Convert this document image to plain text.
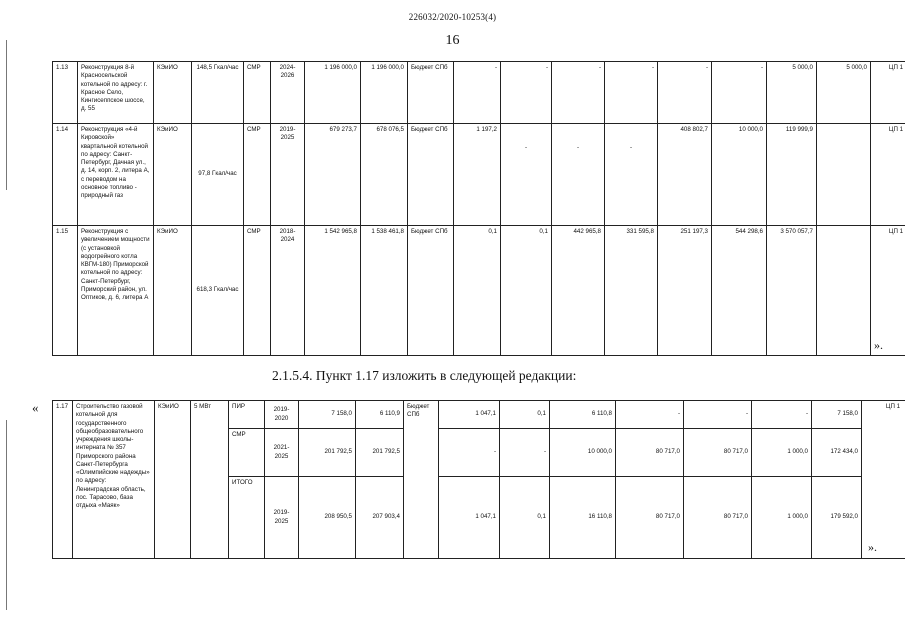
226032/2020-10253(4)
16
1.13	Реконструкция 8-й Красносельской котельной по адресу: г. Красное Село, Кингисеппское шоссе, д. 55	КЭиИО	148,5 Гкал/час	СМР	2024-2026	1 196 000,0	1 196 000,0	Бюджет СПб	-	-	-	-	-	-	5 000,0	5 000,0	ЦП 1
1.14	Реконструкция «4-й Кировской» квартальной котельной по адресу: Санкт-Петербург, Дачная ул., д. 14, корп. 2, литера А, с переводом на основное топливо - природный газ	КЭиИО	97,8 Гкал/час	СМР	2019-2025	679 273,7	678 076,5	Бюджет СПб	1 197,2	-	-	-	408 802,7	10 000,0	119 999,9		ЦП 1
1.15	Реконструкция с увеличением мощности (с установкой водогрейного котла КВГМ-180) Приморской котельной по адресу: Санкт-Петербург, Приморский район, ул. Оптиков, д. 6, литера А	КЭиИО	618,3 Гкал/час	СМР	2018-2024	1 542 965,8	1 538 461,8	Бюджет СПб	0,1	0,1	442 965,8	331 595,8	251 197,3	544 298,6	3 570 057,7		ЦП 1
».
2.1.5.4. Пункт 1.17 изложить в следующей редакции:
«	1.17	Строительство газовой котельной для государственного общеобразовательного учреждения школы-интерната № 357 Приморского района Санкт-Петербурга «Олимпийские надежды» по адресу: Ленинградская область, пос. Тарасово, база отдыха «Маяк»	КЭиИО	5 МВт	ПИР	2019-2020	7 158,0	6 110,9	Бюджет СПб	1 047,1	0,1	6 110,8	-	-	-	7 158,0	ЦП 1
				СМР	2021-2025	201 792,5	201 792,5		-	-	10 000,0	80 717,0	80 717,0	1 000,0	172 434,0	
				ИТОГО	2019-2025	208 950,5	207 903,4		1 047,1	0,1	16 110,8	80 717,0	80 717,0	1 000,0	179 592,0	
».
